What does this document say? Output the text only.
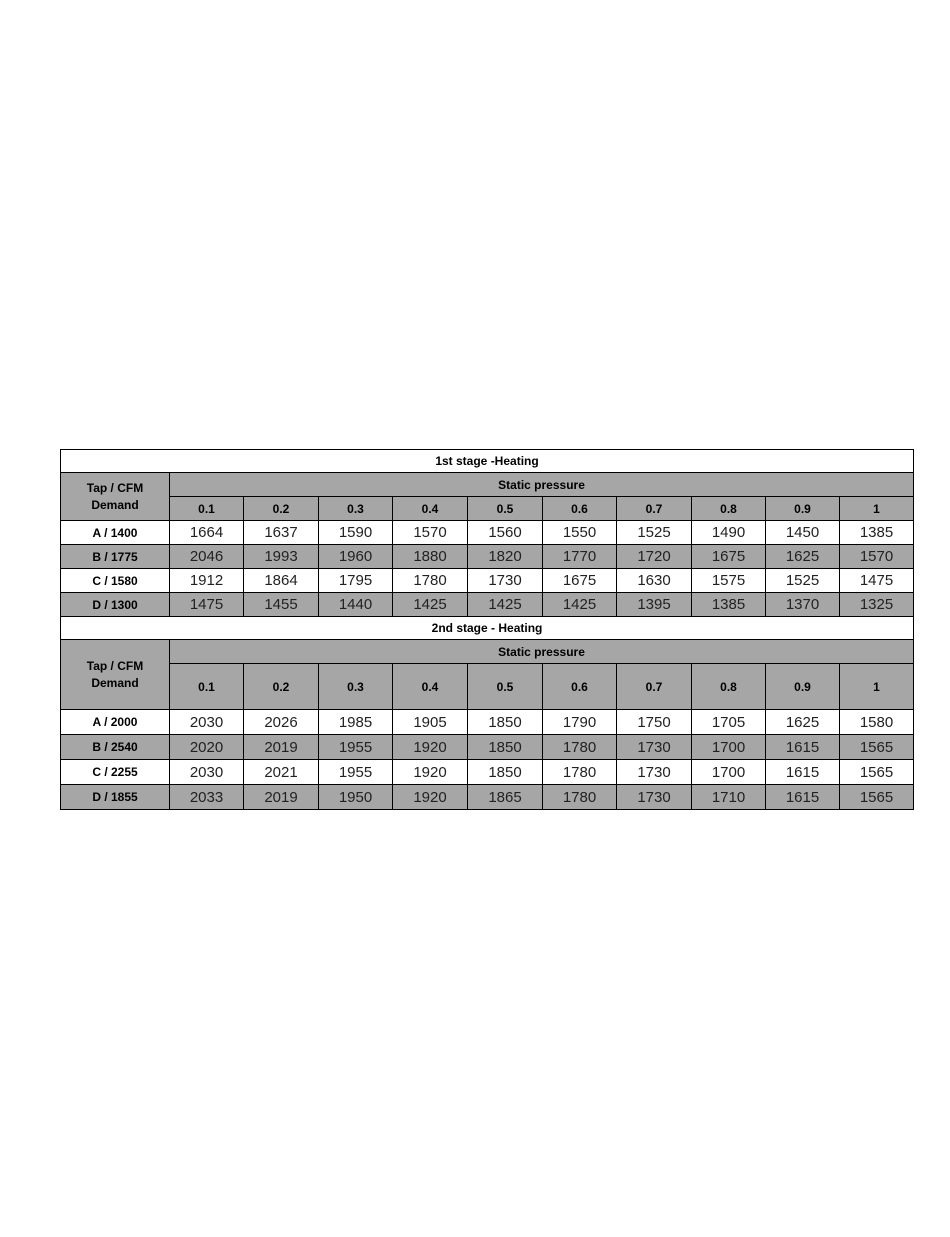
1st stage -Heating										

Tap / CFM
Demand	Static pressure									
	0.1	0.2	0.3	0.4	0.5	0.6	0.7	0.8	0.9	1
A / 1400	1664	1637	1590	1570	1560	1550	1525	1490	1450	1385
B / 1775	2046	1993	1960	1880	1820	1770	1720	1675	1625	1570
C / 1580	1912	1864	1795	1780	1730	1675	1630	1575	1525	1475
D / 1300	1475	1455	1440	1425	1425	1425	1395	1385	1370	1325
2nd stage - Heating										

Tap / CFM
Demand	Static pressure									
	0.1	0.2	0.3	0.4	0.5	0.6	0.7	0.8	0.9	1
A / 2000	2030	2026	1985	1905	1850	1790	1750	1705	1625	1580
B / 2540	2020	2019	1955	1920	1850	1780	1730	1700	1615	1565
C / 2255	2030	2021	1955	1920	1850	1780	1730	1700	1615	1565
D / 1855	2033	2019	1950	1920	1865	1780	1730	1710	1615	1565
